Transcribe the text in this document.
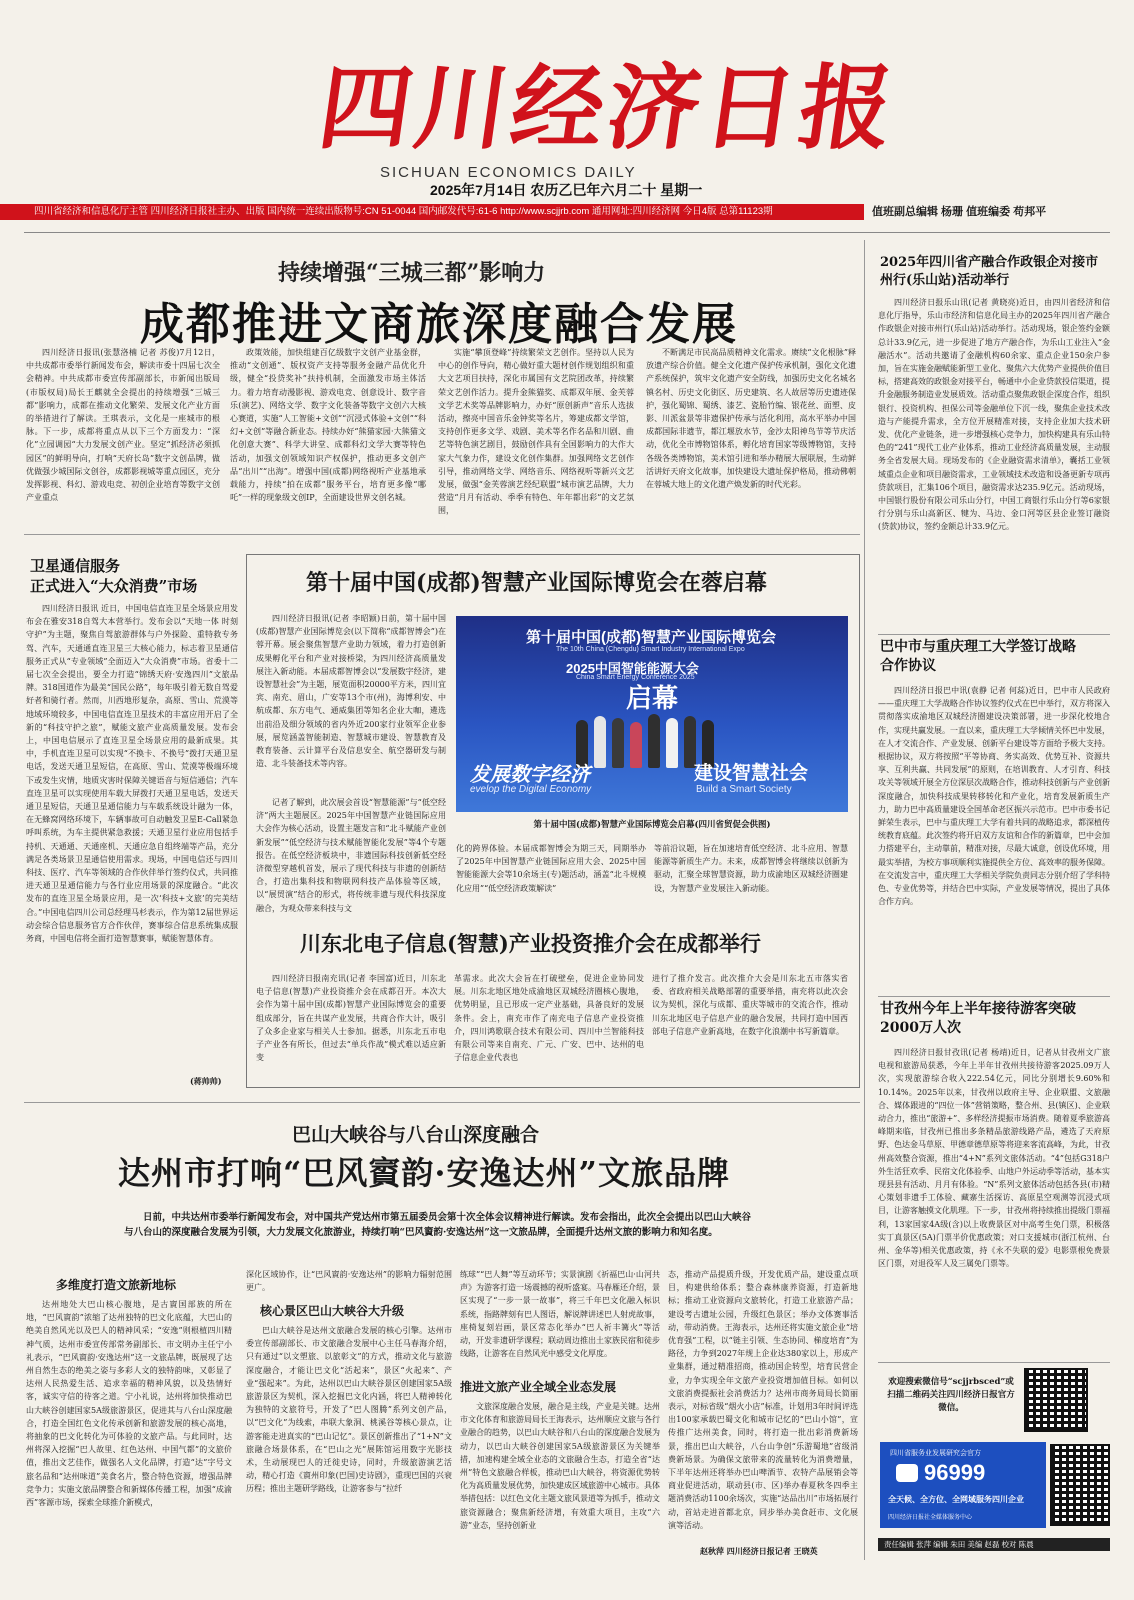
四川经济日报
SICHUAN ECONOMICS DAILY
2025年7月14日 农历乙巳年六月二十 星期一
四川省经济和信息化厅主管 四川经济日报社主办、出版 国内统一连续出版物号:CN 51-0044 国内邮发代号:61-6 http://www.scjjrb.com 通用网址:四川经济网 今日4版 总第11123期	值班副总编辑 杨珊 值班编委 苟邦平
持续增强“三城三都”影响力
成都推进文商旅深度融合发展

四川经济日报讯(张慧洛楠 记者 苏俊)7月12日，中共成都市委举行新闻发布会，解读市委十四届七次全会精神。中共成都市委宣传部副部长，市新闻出版局(市版权局)局长王麒就全会提出的持续增强“三城三都”影响力，成都在推动文化繁荣、发展文化产业方面的举措进行了解读。王琪表示，文化是一座城市的根脉。下一步，成都将重点从以下三个方面发力：“深化”立园调园“大力发展文创产业。坚定“抓经济必须抓园区”的鲜明导向，打响“天府长岛”数字文创品牌，做优做强少城国际文创谷，成都影视城等重点园区，充分发挥影视、科幻、游戏电竞、初创企业培育等数字文创产业重点

政策效能，加快组建百亿级数字文创产业基金群，推动“文创通”、版权资产支持等服务金融产品优化升级，健全“投贷奖补”扶持机制，全面激发市场主体活力。着力培育动漫影视、游戏电竞、创意设计、数字音乐(演艺)、网络文学、数字文化装备等数字文创六大核心赛道，实施“人工智能+文创”“沉浸式体验+文创”“科幻+文创”等融合新业态。持续办好“熊猫家园·大熊猫文化创意大赛”、科学大讲堂、成都科幻文学大赛等特色活动，加强文创领域知识产权保护，推动更多文创产品“出川”“出海”。增强中国(成都)网络视听产业基地承载能力，持续“拍在成都”服务平台，培育更多像“哪吒”一样的现象级文创IP，全面建设世界文创名城。

实施“攀顶登峰”持续繁荣文艺创作。坚持以人民为中心的创作导向，精心做好重大题材创作规划组织和重大文艺项目扶持，深化市属国有文艺院团改革，持续繁荣文艺创作活力。提升金熊猫奖、成都双年展、金芙蓉文学艺术奖等品牌影响力，办好“原创新声”音乐人选拔活动，擦亮中国音乐金钟奖等名片，筹建成都文学馆，支持创作更多文学、戏剧、美术等名作名品和川剧、曲艺等特色演艺剧目，鼓励创作具有全国影响力的大作大家大气象力作，建设文化创作集群。加强网络文艺创作引导，推动网络文学、网络音乐、网络视听等新兴文艺发展，做强“金芙蓉演艺经纪联盟”城市演艺品牌，大力营造“月月有活动、季季有特色、年年都出彩”的文艺氛围，

不断满足市民高品质精神文化需求。赓续“文化根脉”释放遗产综合价值。健全文化遗产保护传承机制，强化文化遗产系统保护，筑牢文化遗产安全防线，加强历史文化名城名镇名村、历史文化街区、历史建筑、名人故居等历史遗迹保护，强化蜀锦、蜀绣、漆艺、瓷胎竹编、银花丝、面塑、皮影、川派盆景等非遗保护传承与活化利用，高水平举办中国成都国际非遗节，都江堰放水节，金沙太阳神鸟节等节庆活动，优化全市博物馆体系，孵化培育国家等级博物馆，支持各级各类博物馆，美术馆引进和举办精展大展联展，生动鲜活讲好天府文化故事，加快建设大遗址保护格局，推动佛朝在蓉城大地上的文化遗产焕发新的时代光彩。

卫星通信服务
正式进入“大众消费”市场

四川经济日报讯 近日，中国电信直连卫星全场景应用发布会在雅安318自驾大本营举行。发布会以“天地一体 时刻守护”为主题，聚焦自驾旅游群体与户外探险、重特救专务驾、汽车，天通通直连卫星三大核心能力，标志着卫星通信服务正式从“专业领域”全面迈入“大众消费”市场。省委十二届七次全会提出，要全力打造“锦绣天府·安逸四川”文旅品牌。318国道作为最美“国民公路”，每年吸引着无数自驾爱好者和骑行者。然而，川西地形复杂，高原、雪山、荒漠等地域环境较多，中国电信直连卫星技术的丰富应用开启了全新的“科技守护之旅”，赋能文旅产业高质量发展。发布会上，中国电信展示了直连卫星全场景应用的最新成果。其中，手机直连卫星可以实现“不换卡、不换号”拨打天通卫星电话，发送天通卫星短信，在高原、雪山、荒漠等极端环境下或发生灾情，地质灾害时保障关键语音与短信通信；汽车直连卫星可以实现使用车载大屏拨打天通卫星电话，发送天通卫星短信，天通卫星通信能力与车载系统设计融为一体，在无蜂窝网络环境下，车辆事故可自动触发卫星E-Call紧急呼叫系统，为车主提供紧急救援；天通卫星行业应用包括手持机、天通通、天通座机、天通应急自组终端等产品，充分满足各类场景卫星通信使用需求。现场，中国电信还与四川科技、医疗、汽车等领域的合作伙伴举行签约仪式，共同推进天通卫星通信能力与各行业应用场景的深度融合。“此次发布的直连卫星全场景应用，是一次‘科技+文旅’的完美结合。”中国电信四川公司总经理马杉表示，作为第12届世界运动会综合信息服务官方合作伙伴，赛事综合信息系统集成服务商，中国电信将全面打造智慧赛事，赋能智慧体育。

(蒋帅帅)
第十届中国(成都)智慧产业国际博览会在蓉启幕

四川经济日报讯(记者 李昭颖)日前，第十届中国(成都)智慧产业国际博览会(以下简称“成都智博会”)在蓉开幕。展会聚焦智慧产业助力领域，着力打造创新成果孵化平台和产业对接桥梁，为四川经济高质量发展注入新动能。本届成都智博会以“发展数字经济，建设智慧社会”为主题，展览面积20000平方米，四川宜宾、南充、眉山，广安等13个市(州)，海博利安、中航成都、东方电气、通威集团等知名企业大咖，遴选出前沿及细分领域的省内外近200家行业领军企业参展，展览涵盖智能制造、智慧城市建设、智慧教育及教育装备、云计算平台及信息安全、航空器研发与制造、北斗装备技术等内容。

记者了解到，此次展会首设“智慧能源”与“低空经济”两大主题展区。2025年中国智慧产业链国际应用大会作为核心活动，设置主题发言和“北斗赋能产业创新发展”“低空经济与技术赋能智能化发展”等4个专题报告。在低空经济板块中，非遗国际科技创新低空经济微型穿越机首发，展示了现代科技与非遗的创新结合，打造出集科技和物联网科技产品体验等区域，以“展贸演”结合的形式，将传统非遗与现代科技深度融合，为观众带来科技与文

第十届中国(成都)智慧产业国际博览会
The 10th China (Chengdu) Smart Industry International Expo
2025中国智能能源大会
China Smart Energy Conference 2025
启幕
发展数字经济
evelop the Digital Economy
建设智慧社会
Build a Smart Society
第十届中国(成都)智慧产业国际博览会启幕(四川省贸促会供图)

化的跨界体验。本届成都智博会为期三天，同期举办了2025年中国智慧产业链国际应用大会、2025中国智能能源大会等10余场主(专)题活动，涵盖“北斗规模化应用”“低空经济政策解读”

等前沿议题，旨在加速培育低空经济、北斗应用、智慧能源等新质生产力。未来，成都智博会将继续以创新为驱动，汇聚全球智慧资源，助力成渝地区双城经济圈建设，为智慧产业发展注入新动能。

川东北电子信息(智慧)产业投资推介会在成都举行

四川经济日报南充讯(记者 李国富)近日，川东北电子信息(智慧)产业投资推介会在成都召开。本次大会作为第十届中国(成都)智慧产业国际博览会的重要组成部分，旨在共谋产业发展，共商合作大计，吸引了众多企业家与相关人士参加。据悉，川东北五市电子产业各有所长，但过去“单兵作战”模式难以适应新变

革需求。此次大会旨在打破壁垒，促进企业协同发展。川东北地区地处成渝地区双城经济圈核心腹地，优势明显，且已形成一定产业基础，具备良好的发展条件。会上，南充市作了南充电子信息产业投资推介，四川鸿歌联合技术有限公司、四川中兰智能科技有限公司等来自南充、广元、广安、巴中、达州的电子信息企业代表也

进行了推介发言。此次推介大会是川东北五市落实省委、省政府相关战略部署的重要举措，南充将以此次会议为契机，深化与成都、重庆等城市的交流合作，推动川东北地区电子信息产业的融合发展，共同打造中国西部电子信息产业新高地，在数字化浪潮中书写新篇章。

2025年四川省产融合作政银企对接市州行(乐山站)活动举行

四川经济日报乐山讯(记者 黄晓亮)近日，由四川省经济和信息化厅指导，乐山市经济和信息化局主办的2025年四川省产融合作政银企对接市州行(乐山站)活动举行。活动现场，银企签约金额总计33.9亿元，进一步促进了地方产融合作，为乐山工业注入“金融活水”。活动共邀请了金融机构60余家、重点企业150余户参加，旨在实施金融赋能新型工业化、聚焦六大优势产业提供价值目标，搭建高效的政银金对接平台，畅通中小企业贷款投信渠道，提升金融服务制造业发展质效。活动重点聚焦政银企深度合作，组织银行、投资机构、担保公司等金融单位下沉一线，聚焦企业技术改造与产能提升需求，全方位开展精准对接，支持企业加大技术研发、优化产业链条，进一步增强核心竞争力，加快构建具有乐山特色的“241”现代工业产业体系，推动工业经济高质量发展，主动服务全省发展大局。现场发布的《企业融资需求清单》，囊括工业领域重点企业和项目融资需求，工业领域技术改造和设备更新专项再贷款项目，汇集106个项目，融资需求达235.9亿元。活动现场，中国银行股份有限公司乐山分行，中国工商银行乐山分行等6家银行分别与乐山高新区、犍为、马边、金口河等区县企业签订融资(贷款)协议，签约金额总计33.9亿元。

巴中市与重庆理工大学签订战略合作协议

四川经济日报巴中讯(袁静 记者 何蕊)近日，巴中市人民政府——重庆理工大学战略合作协议签约仪式在巴中举行，双方将深入贯彻落实成渝地区双城经济圈建设决策部署，进一步深化校地合作，实现共赢发展。一直以来，重庆理工大学倾情关怀巴中发展，在人才交流合作、产业发展、创新平台建设等方面给予极大支持。根据协议，双方将按照“平等协商、务实高效、优势互补、资源共享、互利共赢、共同发展”的原则，在培训教育、人才引育、科技攻关等领域开展全方位深层次战略合作，推动科技创新与产业创新深度融合，加快科技成果转移转化和产业化，培育发展新质生产力，助力巴中高质量建设全国革命老区振兴示范市。巴中市委书记鲜荣生表示，巴中与重庆理工大学有着共同的战略追求，都深植传统教育底蕴。此次签约将开启双方友谊和合作的新篇章，巴中会加力搭建平台，主动靠前，精准对接，尽最大诚意，创设优环境，用最实举措，为校方事项顺利实施提供全方位、高效率的服务保障。在交流发言中，重庆理工大学相关学院负责同志分别介绍了学科特色、专业优势等，并结合巴中实际，产业发展等情况，提出了具体合作方向。

甘孜州今年上半年接待游客突破2000万人次

四川经济日报甘孜讯(记者 杨靖)近日，记者从甘孜州文广旅电视和旅游局获悉，今年上半年甘孜州共接待游客2025.09万人次，实现旅游综合收入222.54亿元，同比分别增长9.60%和10.14%。2025年以来，甘孜州以政府主导、企业联盟、文旅融合、媒体跟进的“四位一体”营销策略，整合州、县(镇区)、企业联动合力，推出“旅游+”、多样经济提振市场消费。随着夏季旅游高峰期来临，甘孜州已推出多条精品旅游线路产品，遴选了天府原野、色达金马草原、甲德章德草原等将迎来客流高峰，为此，甘孜州高效整合资源，推出“4+N”系列文旅体活动。“4”包括G318户外生活狂欢季、民宿文化体验季、山地户外运动季等活动，基本实现县县有活动、月月有体验。“N”系列文旅体活动包括各县(市)精心策划非遗手工体验、藏寨生活探访、高原星空观测等沉浸式项目，让游客触摸文化肌理。下一步，甘孜州将持续推出提级门票福利，13家国家4A级(含)以上收费景区对中高考生免门票，积极落实丁真景区(5A)门票半价优惠政策；对口支援城市(浙江杭州、台州、金华等)相关优惠政策，持《永不失联的爱》电影票根免费景区门票，对退役军人及三属免门票等。

巴山大峡谷与八台山深度融合
达州市打响“巴风賨韵·安逸达州”文旅品牌
日前，中共达州市委举行新闻发布会，对中国共产党达州市第五届委员会第十次全体会议精神进行解读。发布会指出，此次全会提出以巴山大峡谷与八台山的深度融合发展为引领，大力发展文化旅游业，持续打响“巴风賨韵·安逸达州”这一文旅品牌，全面提升达州文旅的影响力和知名度。
多维度打造文旅新地标

达州地处大巴山核心腹地，是古賨国部族的所在地，“巴风賨韵”浓缩了达州独特的巴文化底蕴，大巴山的绝美自然风光以及巴人的精神风采；“安逸”则根植四川精神气质，达州市委宣传部常务副部长、市文明办主任宁小礼表示，“巴风賨韵·安逸达州”这一文旅品牌，既展现了达州自然生态的绝美之姿与多彩人文的独特韵味，又彰显了达州人民热爱生活、追求幸福的精神风貌，以及热情好客，诚实守信的待客之道。宁小礼说，达州将加快推动巴山大峡谷创建国家5A级旅游景区，促进其与八台山深度融合，打造全国红色文化传承创新和旅游发展的核心高地，将抽象的巴文化转化为可体验的文旅产品。与此同时，达州将深入挖掘“巴人故里、红色达州、中国气都”的文旅价值，推出文艺佳作，做强名人文化品牌，打造“达”字号文旅名品和“达州味道”美食名片，整合特色资源，增强品牌竞争力；实施文旅品牌整合和新媒体传播工程，加强“成渝西”客源市场，探索全球推介新模式，

深化区域协作，让“巴风賨韵·安逸达州”的影响力辐射范围更广。

核心景区巴山大峡谷大升级

巴山大峡谷是达州文旅融合发展的核心引擎。达州市委宣传部副部长、市文旅融合发展中心主任马春海介绍，只有通过“以文塑旅、以旅彰文”的方式，推动文化与旅游深度融合，才能让巴文化“活起来”，景区“火起来”、产业“强起来”。为此，达州以巴山大峡谷景区创建国家5A级旅游景区为契机，深入挖掘巴文化内涵，将巴人精神转化为独特的文旅符号，开发了“巴人图腾”系列文创产品，以“巴文化”为线索，串联大象洞、桃溪谷等核心景点，让游客能走进真实的“巴山记忆”。景区创新推出了“1+N”文旅融合场景体系，在“巴山之光”展陈馆运用数字光影技术，生动展现巴人的迁徙史诗，同时，升级旅游演艺活动，精心打造《賨州印象(巴国)史诗剧》，重现巴国的兴衰历程；推出主题研学路线，让游客参与“拉纤

练球”“巴人舞”等互动环节；实景演剧《祈福巴山·山河共声》为游客打造一场震撼的视听盛宴。马春雁还介绍，景区实现了“一步一景一故事”，将三千年巴文化融入标识系统，指路牌刻有巴人图语，解说牌讲述巴人射虎故事，座椅复刻岩画，景区常态化举办“巴人祈丰篝火”等活动，开发非遗研学课程；联动周边推出土家族民宿和徒步线路，让游客在自然风光中感受文化厚度。

推进文旅产业全域全业态发展

文旅深度融合发展，融合是主线，产业是关键。达州市文化体育和旅游局局长王海表示，达州顺应文旅与各行业融合的趋势，以巴山大峡谷和八台山的深度融合发展为动力，以巴山大峡谷创建国家5A级旅游景区为关键举措，加速构建全域全业态的文旅融合生态，打造全省“达州”特色文旅融合样板，推动巴山大峡谷，将资源优势转化为高质量发展优势，加快建成区域旅游中心城市。具体举措包括：以红色文化主题文旅风景道等为抓手，推动文旅资源融合；聚焦新经济增，有效重大项目，主攻“六游”业态，坚持创新业

态，推动产品提质升级，开发优质产品，建设重点项目，构建供给体系；整合森林康养资源，打造新地标；推动工业资源向文旅转化，打造工业旅游产品；建设考古遗址公园，升级红色景区；举办文体赛事活动，带动消费。王海表示，达州还将实施文旅企业“培优育强”工程，以“链主引领、生态协同、梯度培育”为路径，力争到2027年规上企业达380家以上，形成产业集群，通过精准招商，推动国企转型，培育民营企业，力争实现全年文旅产业投资增加值目标。如何以文旅消费提振社会消费活力？达州市商务局局长简丽表示，对标省级“烟火小店”标准，计划用3年时间评选出100家承载巴蜀文化和城市记忆的“巴山小馆”，宣传推广达州美食，同时，将打造一批出彩消费新场景，推出巴山大峡谷，八台山争创“乐游蜀地”省级消费新场景。为确保文旅带来的流量转化为消费增量，下半年达州还将举办巴山啤酒节、农特产品展销会等商业促进活动，联动县(市、区)举办春夏秋冬四季主题消费活动1100余场次，实施“达品出川”市场拓展行动，首站走进首都北京，同步举办美食赶市、文化展演等活动。

赵秋萍 四川经济日报记者 王晓英
欢迎搜索微信号“scjjrbsced”或扫描二维码关注四川经济日报官方微信。
四川省服务业发展研究会官方
96999
全天候、全方位、全网域服务四川企业
四川经济日报社全媒体服务中心
责任编辑 张萍 编辑 朱田 美编 赵磊 校对 陈晨
